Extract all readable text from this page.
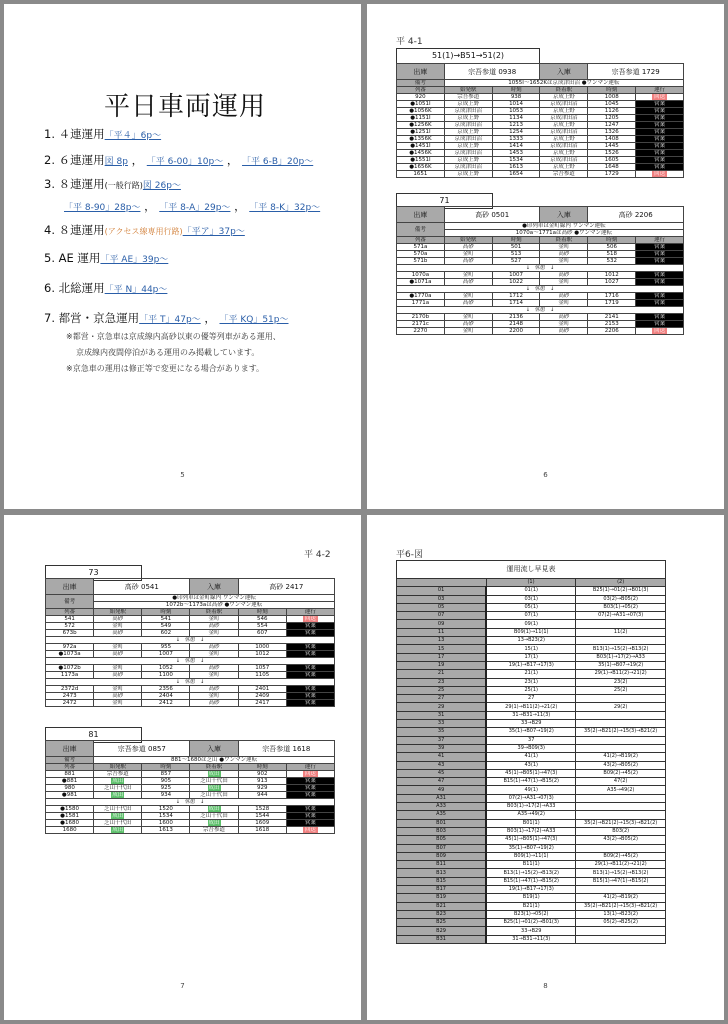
平日車両運用
1. ４連運用「平４」6p～
2. ６連運用図 8p ， 「平 6-00」10p～ ， 「平 6-B」20p～
3. ８連運用(一般行路)図 26p～
「平 8-90」28p～ ， 「平 8-A」29p～ ， 「平 8-K」32p～
4. ８連運用(アクセス線専用行路)「平ア」37p～
5. AE 運用「平 AE」39p～
6. 北総運用「平 N」44p～
7. 都営・京急運用「平 T」47p～ ， 「平 KQ」51p～
※都営・京急車は京成線内高砂以東の優等列車がある運用、
京成線内夜間停泊がある運用のみ掲載しています。
※京急車の運用は修正等で変更になる場合があります。
5
平 4-1
6
51(1)→B51→51(2)
出庫	宗吾参道 0938		入庫	宗吾参道 1729	
備考	1055I～1652Kは京成津田沼 ●ワンマン運転				
列番	始発駅	時刻	終着駅	時刻	運行
920	宗吾参道	938	京成上野	1008	回送
●1051I	京成上野	1014	京成津田沼	1045	営業
●1056K	京成津田沼	1053	京成上野	1126	営業
●1151I	京成上野	1134	京成津田沼	1205	営業
●1256K	京成津田沼	1213	京成上野	1247	営業
●1251I	京成上野	1254	京成津田沼	1326	営業
●1356K	京成津田沼	1333	京成上野	1408	営業
●1451I	京成上野	1414	京成津田沼	1445	営業
●1456K	京成津田沼	1453	京成上野	1526	営業
●1551I	京成上野	1534	京成津田沼	1605	営業
●1656K	京成津田沼	1613	京成上野	1648	営業
1651	京成上野	1654	宗吾参道	1729	回送
71
出庫	高砂 0501		入庫	高砂 2206	
備考	●印列車は金町線内 ワンマン運転				
	1070a～1771aは高砂 ●ワンマン運転				
列番	始発駅	時刻	終着駅	時刻	運行
571a	高砂	501	金町	506	営業
570a	金町	513	高砂	518	営業
571b	高砂	527	金町	532	営業
↓　休憩　↓					
1070a	金町	1007	高砂	1012	営業
●1071a	高砂	1022	金町	1027	営業
↓　休憩　↓					
●1770a	金町	1712	高砂	1716	営業
1771a	高砂	1714	金町	1719	営業
↓　休憩　↓					
2170b	金町	2136	高砂	2141	営業
2171c	高砂	2148	金町	2153	営業
2270	金町	2200	高砂	2206	回送
平 4-2
7
73
出庫	高砂 0541		入庫	高砂 2417	
備考	●印列車は金町線内 ワンマン運転				
	1072b～1173aは高砂 ●ワンマン運転				
列番	始発駅	時刻	終着駅	時刻	運行
541	高砂	541	金町	546	回送
572	金町	549	高砂	554	営業
673b	高砂	602	金町	607	営業
↓　休憩　↓					
972a	金町	955	高砂	1000	営業
●1073a	高砂	1007	金町	1012	営業
↓　休憩　↓					
●1072b	金町	1052	高砂	1057	営業
1173a	高砂	1100	金町	1105	営業
↓　休憩　↓					
2372d	金町	2356	高砂	2401	営業
2473	高砂	2404	金町	2409	営業
2472	金町	2412	高砂	2417	営業
81
出庫	宗吾参道 0857		入庫	宗吾参道 1618	
備考	881～1680は芝山 ●ワンマン運転				
列番	始発駅	時刻	終着駅	時刻	運行
881	宗吾参道	857	成田	902	回送
●881	成田	905	芝山千代田	913	営業
980	芝山千代田	925	成田	929	営業
●981	成田	934	芝山千代田	944	営業
↓　休憩　↓					
●1580	芝山千代田	1520	成田	1528	営業
●1581	成田	1534	芝山千代田	1544	営業
●1680	芝山千代田	1600	成田	1609	営業
1680	成田	1613	宗吾参道	1618	回送
平6-図
運用流し早見表		
	(1)	(2)
01	01(1)	B25(1)→01(2)→B01(3)
03	03(1)	03(2)→B05(2)
05	05(1)	B03(1)→05(2)
07	07(1)	07(2)→A31→07(3)
09	09(1)	
11	B09(1)→11(1)	11(2)
13	13→B23(2)	
15	15(1)	B13(1)→15(2)→B13(2)
17	17(1)	B03(1)→17(2)→A33
19	19(1)→B17→17(3)	35(1)→B07→19(2)
21	21(1)	29(1)→B11(2)→21(2)
23	23(1)	23(2)
25	25(1)	25(2)
27	27	
29	29(1)→B11(2)→21(2)	29(2)
31	31→B31→11(3)	
33	33→B29	
35	35(1)→B07→19(2)	35(2)→B21(2)→15(3)→B21(2)
37	37	
39	39→B09(3)	
41	41(1)	41(2)→B19(2)
43	43(1)	43(2)→B05(2)
45	45(1)→B05(1)→47(3)	B09(2)→45(2)
47	B15(1)→47(1)→B15(2)	47(2)
49	49(1)	A35→49(2)
A31	07(2)→A31→07(3)	
A33	B03(1)→17(2)→A33	
A35	A35→49(2)	
B01	B01(1)	35(2)→B21(2)→15(3)→B21(2)
B03	B03(1)→17(2)→A33	B03(2)
B05	45(1)→B05(1)→47(3)	43(2)→B05(2)
B07	35(1)→B07→19(2)	
B09	B09(1)→11(1)	B09(2)→45(2)
B11	B11(1)	29(1)→B11(2)→21(2)
B13	B13(1)→15(2)→B13(2)	B13(1)→15(2)→B13(2)
B15	B15(1)→47(1)→B15(2)	B15(1)→47(1)→B15(2)
B17	19(1)→B17→17(3)	
B19	B19(1)	41(2)→B19(2)
B21	B21(1)	35(2)→B21(2)→15(3)→B21(2)
B23	B23(1)→05(2)	13(1)→B23(2)
B25	B25(1)→01(2)→B01(3)	05(2)→B25(2)
B29	33→B29	
B31	31→B31→11(3)	
8
